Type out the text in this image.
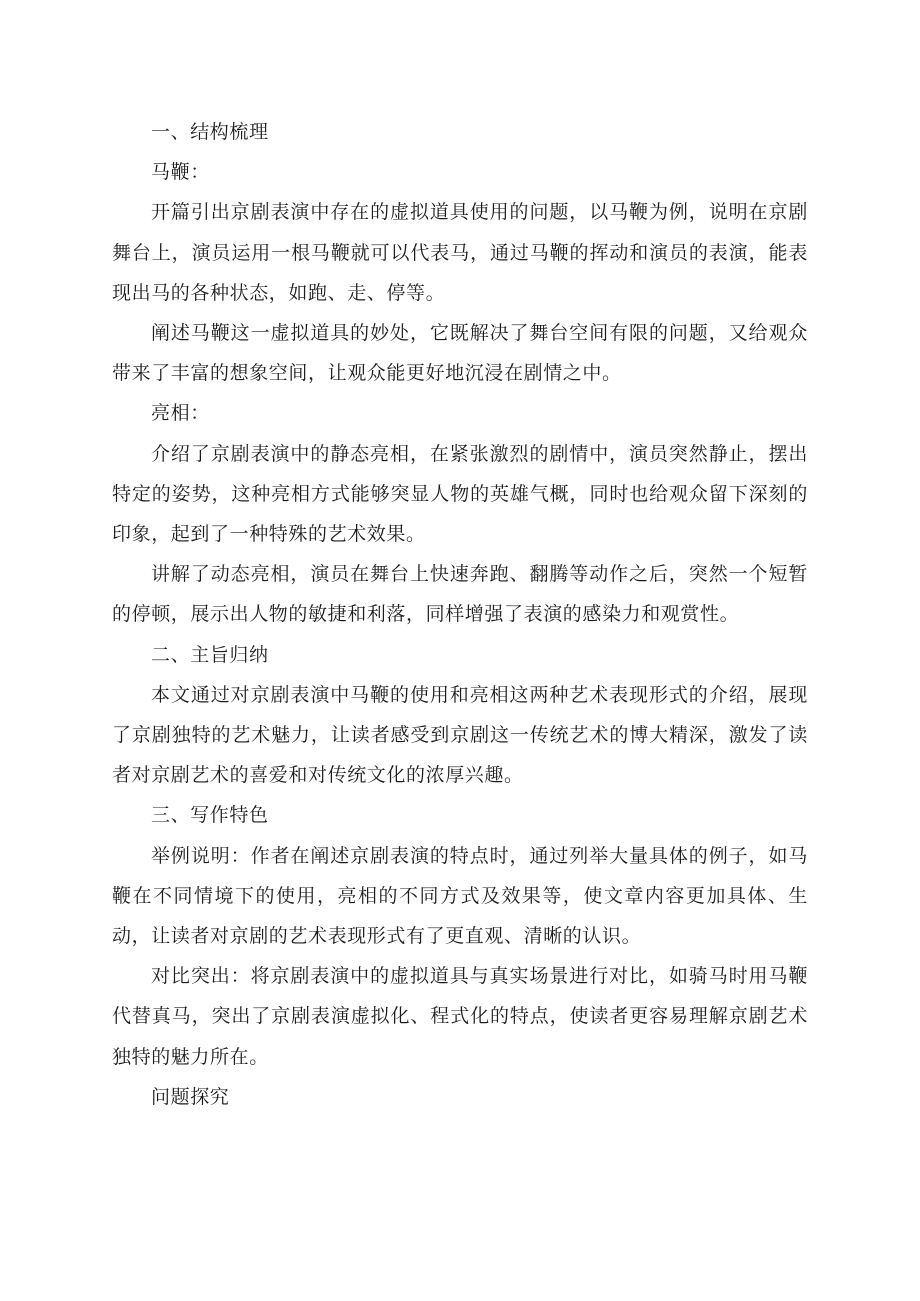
一、结构梳理

马鞭：

开篇引出京剧表演中存在的虚拟道具使用的问题，以马鞭为例，说明在京剧舞台上，演员运用一根马鞭就可以代表马，通过马鞭的挥动和演员的表演，能表现出马的各种状态，如跑、走、停等。

阐述马鞭这一虚拟道具的妙处，它既解决了舞台空间有限的问题，又给观众带来了丰富的想象空间，让观众能更好地沉浸在剧情之中。

亮相：

介绍了京剧表演中的静态亮相，在紧张激烈的剧情中，演员突然静止，摆出特定的姿势，这种亮相方式能够突显人物的英雄气概，同时也给观众留下深刻的印象，起到了一种特殊的艺术效果。

讲解了动态亮相，演员在舞台上快速奔跑、翻腾等动作之后，突然一个短暂的停顿，展示出人物的敏捷和利落，同样增强了表演的感染力和观赏性。

二、主旨归纳

本文通过对京剧表演中马鞭的使用和亮相这两种艺术表现形式的介绍，展现了京剧独特的艺术魅力，让读者感受到京剧这一传统艺术的博大精深，激发了读者对京剧艺术的喜爱和对传统文化的浓厚兴趣。

三、写作特色

举例说明：作者在阐述京剧表演的特点时，通过列举大量具体的例子，如马鞭在不同情境下的使用，亮相的不同方式及效果等，使文章内容更加具体、生动，让读者对京剧的艺术表现形式有了更直观、清晰的认识。

对比突出：将京剧表演中的虚拟道具与真实场景进行对比，如骑马时用马鞭代替真马，突出了京剧表演虚拟化、程式化的特点，使读者更容易理解京剧艺术独特的魅力所在。

问题探究
